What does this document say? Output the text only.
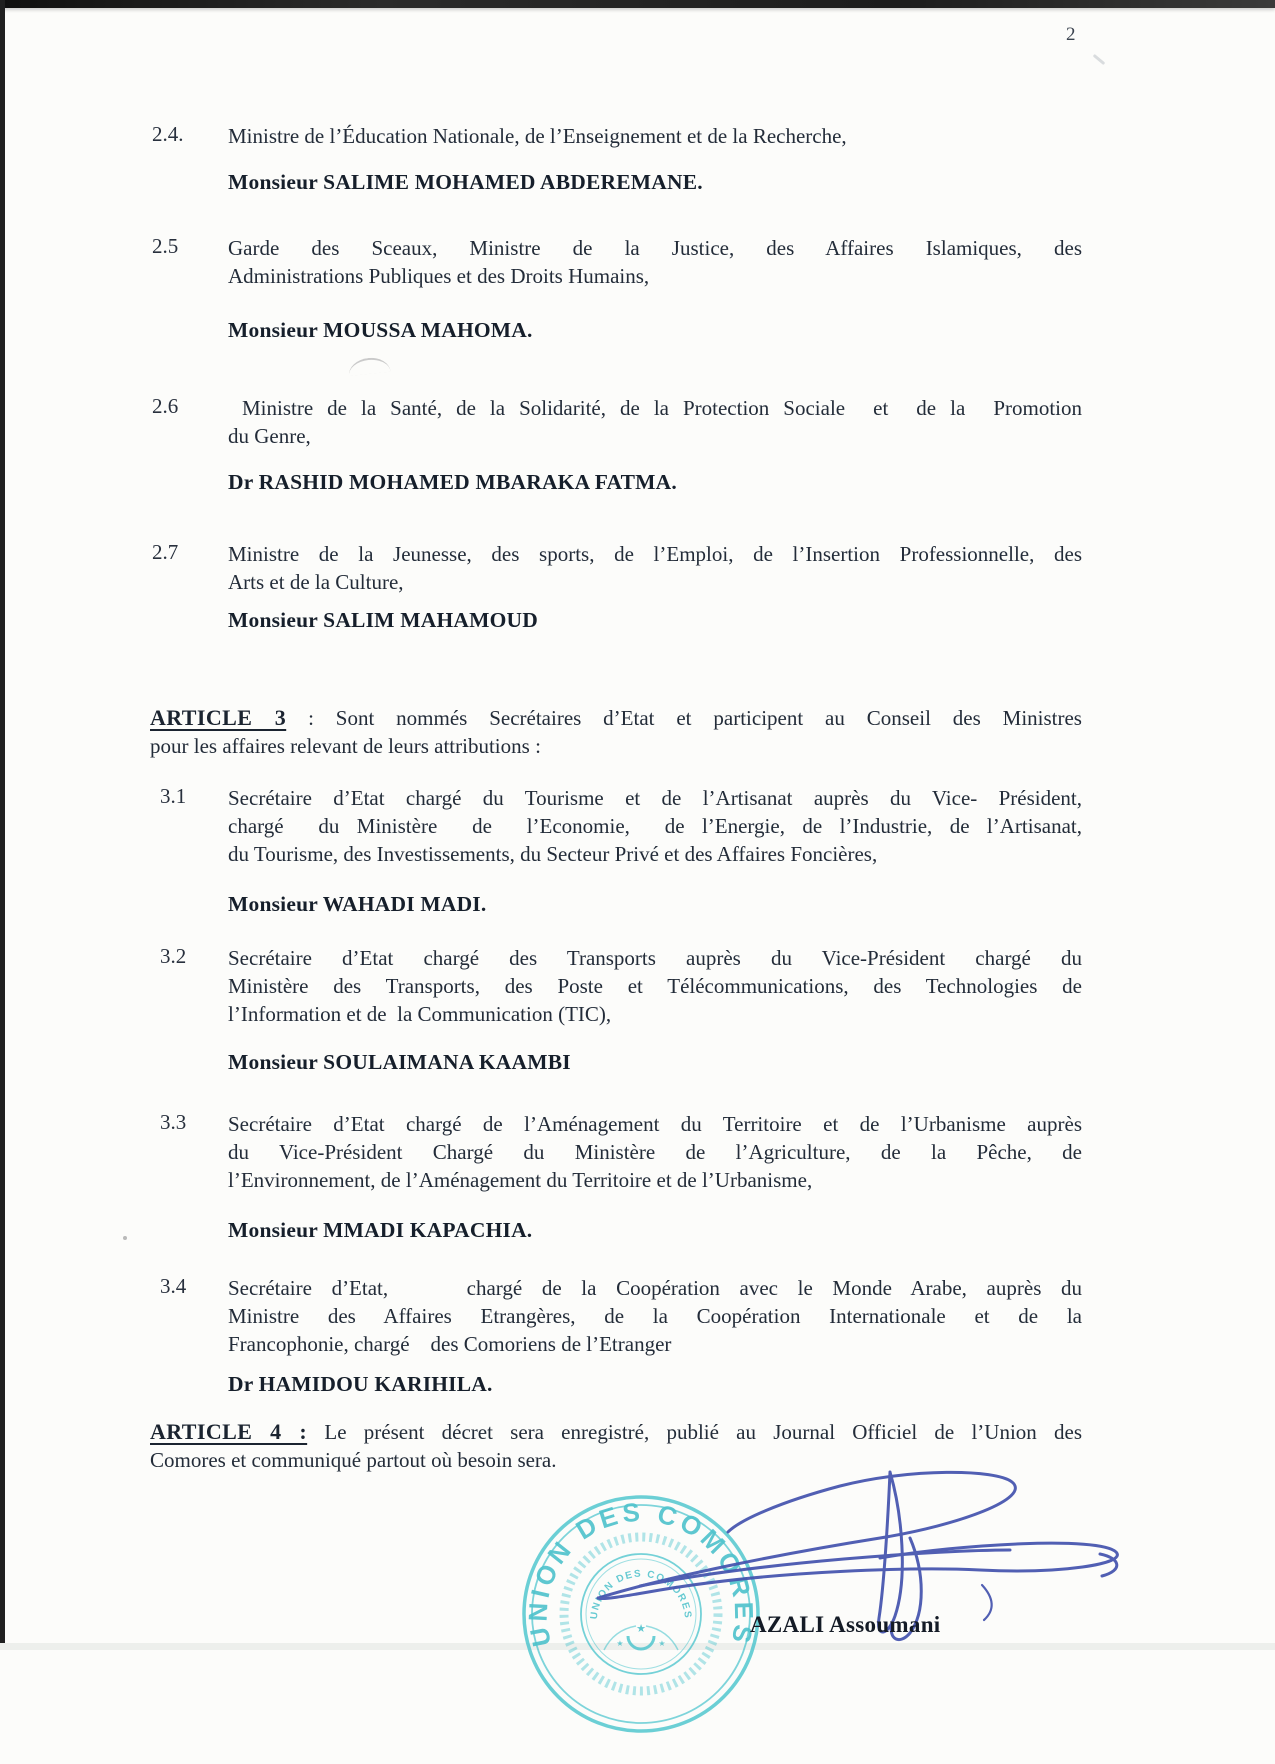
2
2.4. Ministre de l’Éducation Nationale, de l’Enseignement et de la Recherche,
Monsieur SALIME MOHAMED ABDEREMANE.
2.5 Garde des Sceaux, Ministre de la Justice, des Affaires Islamiques, des
Administrations Publiques et des Droits Humains,
Monsieur MOUSSA MAHOMA.
2.6 Ministre de la Santé, de la Solidarité, de la Protection Sociale  et  de la  Promotion
du Genre,
Dr RASHID MOHAMED MBARAKA FATMA.
2.7 Ministre de la Jeunesse, des sports, de l’Emploi, de l’Insertion Professionnelle, des
Arts et de la Culture,
Monsieur SALIM MAHAMOUD
ARTICLE 3 : Sont nommés Secrétaires d’Etat et participent au Conseil des Ministres
pour les affaires relevant de leurs attributions :
3.1 Secrétaire d’Etat chargé du Tourisme et de l’Artisanat auprès du Vice- Président,
chargé  du Ministère  de  l’Economie,  de l’Energie, de l’Industrie, de l’Artisanat,
du Tourisme, des Investissements, du Secteur Privé et des Affaires Foncières,
Monsieur WAHADI MADI.
3.2 Secrétaire d’Etat chargé des Transports auprès du Vice-Président chargé du
Ministère des Transports, des Poste et Télécommunications, des Technologies de
l’Information et de  la Communication (TIC),
Monsieur SOULAIMANA KAAMBI
3.3 Secrétaire d’Etat chargé de l’Aménagement du Territoire et de l’Urbanisme auprès
du Vice-Président Chargé du Ministère de l’Agriculture, de la Pêche, de
l’Environnement, de l’Aménagement du Territoire et de l’Urbanisme,
Monsieur MMADI KAPACHIA.
3.4 Secrétaire d’Etat,    chargé de la Coopération avec le Monde Arabe, auprès du
Ministre des Affaires Etrangères, de la Coopération Internationale et de la
Francophonie, chargé    des Comoriens de l’Etranger
Dr HAMIDOU KARIHILA.
ARTICLE 4 : Le présent décret sera enregistré, publié au Journal Officiel de l’Union des
Comores et communiqué partout où besoin sera.
UNION DES COMORES
UNION DES COMORES
★
★	★
AZALI Assoumani
